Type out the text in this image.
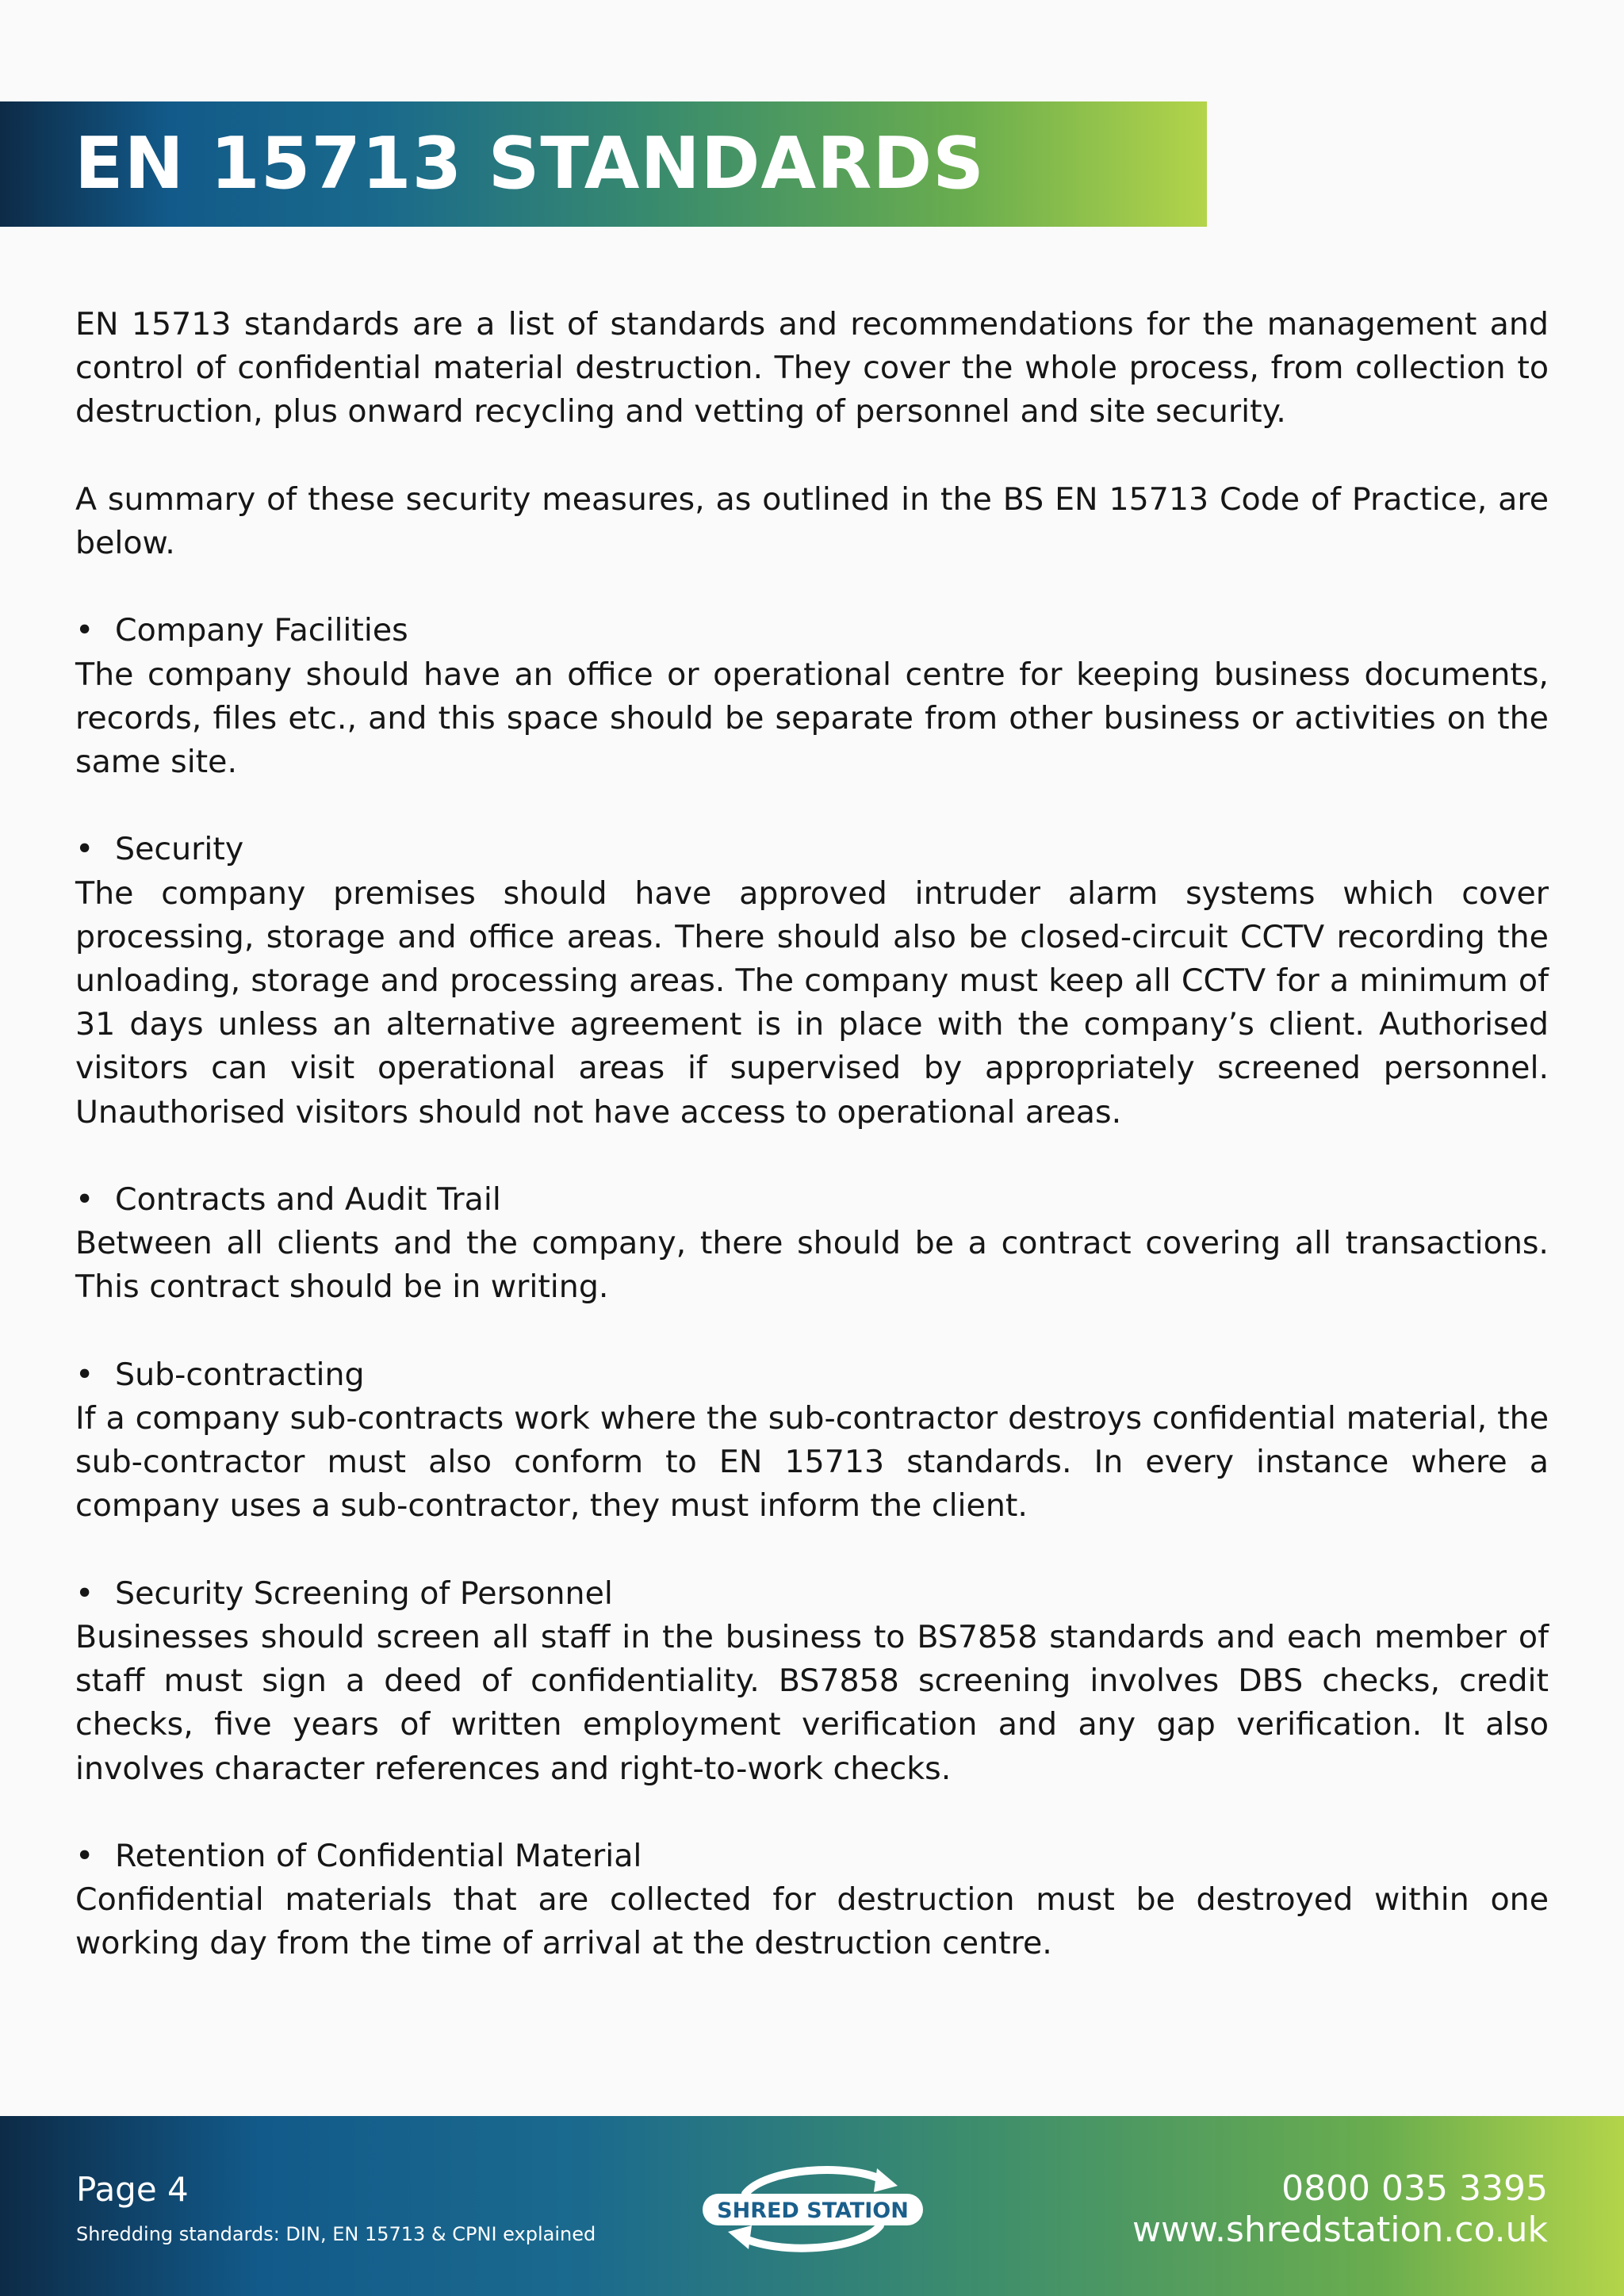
EN 15713 STANDARDS

EN 15713 standards are a list of standards and recommendations for the management and control of confidential material destruction. They cover the whole process, from collection to destruction, plus onward recycling and vetting of personnel and site security.

A summary of these security measures, as outlined in the BS EN 15713 Code of Practice, are below.

• Company Facilities

The company should have an office or operational centre for keeping business documents, records, files etc., and this space should be separate from other business or activities on the same site.

• Security

The company premises should have approved intruder alarm systems which cover processing, storage and office areas. There should also be closed-circuit CCTV recording the unloading, storage and processing areas. The company must keep all CCTV for a minimum of 31 days unless an alternative agreement is in place with the company’s client. Authorised visitors can visit operational areas if supervised by appropriately screened personnel. Unauthorised visitors should not have access to operational areas.

• Contracts and Audit Trail

Between all clients and the company, there should be a contract covering all transactions. This contract should be in writing.

• Sub-contracting

If a company sub-contracts work where the sub-contractor destroys confidential material, the sub-contractor must also conform to EN 15713 standards. In every instance where a company uses a sub-contractor, they must inform the client.

• Security Screening of Personnel

Businesses should screen all staff in the business to BS7858 standards and each member of staff must sign a deed of confidentiality. BS7858 screening involves DBS checks, credit checks, five years of written employment verification and any gap verification. It also involves character references and right-to-work checks.

• Retention of Confidential Material

Confidential materials that are collected for destruction must be destroyed within one working day from the time of arrival at the destruction centre.

Page 4
Shredding standards: DIN, EN 15713 & CPNI explained
SHRED STATION
0800 035 3395
www.shredstation.co.uk
